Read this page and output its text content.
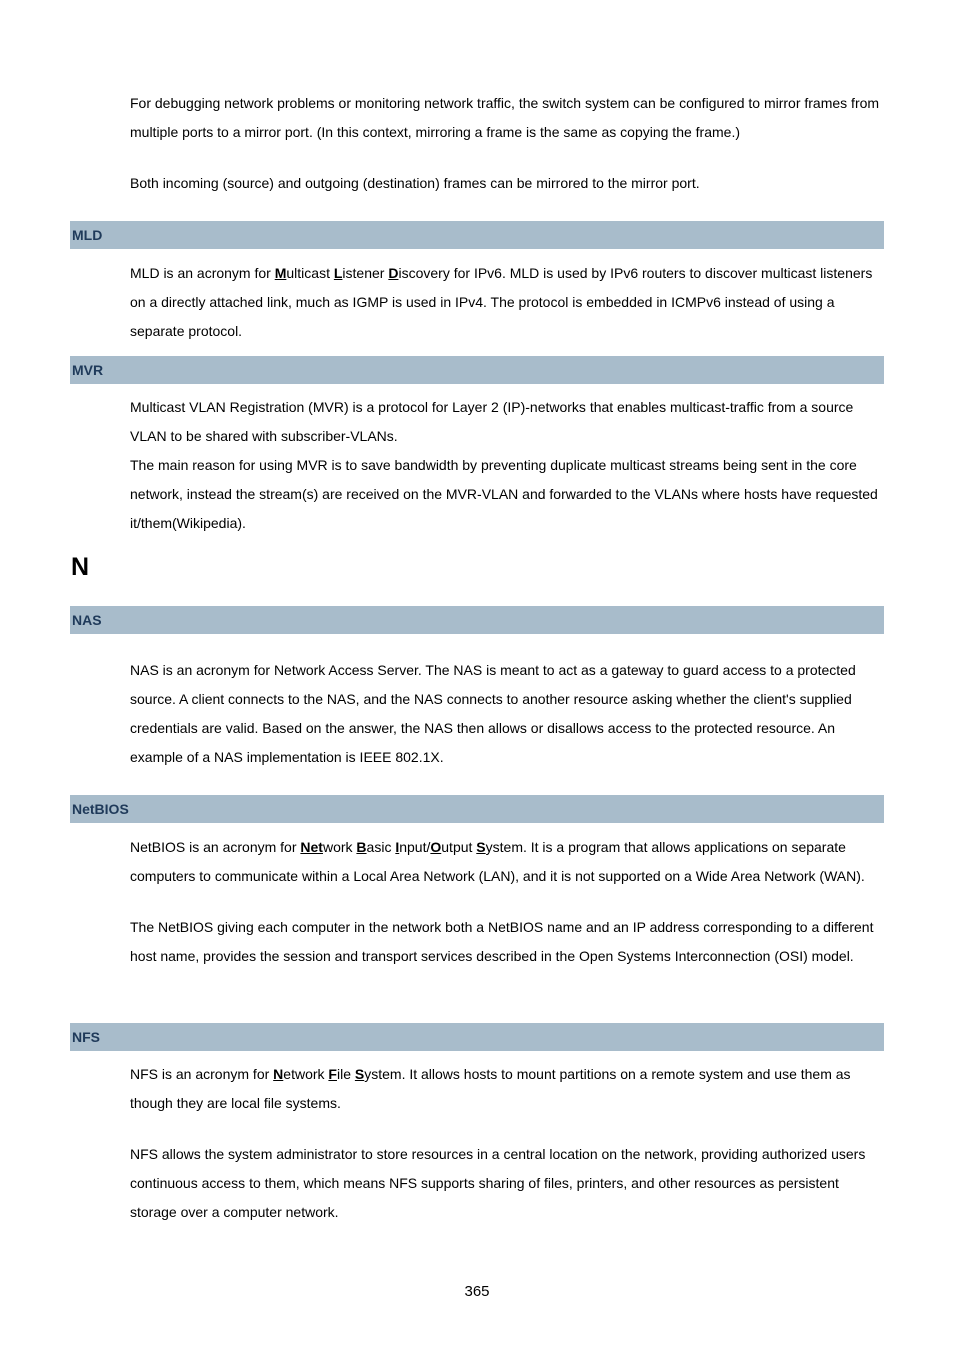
For debugging network problems or monitoring network traffic, the switch system can be configured to mirror frames from multiple ports to a mirror port. (In this context, mirroring a frame is the same as copying the frame.)

Both incoming (source) and outgoing (destination) frames can be mirrored to the mirror port.

MLD

MLD is an acronym for Multicast Listener Discovery for IPv6. MLD is used by IPv6 routers to discover multicast listeners on a directly attached link, much as IGMP is used in IPv4. The protocol is embedded in ICMPv6 instead of using a separate protocol.

MVR

Multicast VLAN Registration (MVR) is a protocol for Layer 2 (IP)-networks that enables multicast-traffic from a source VLAN to be shared with subscriber-VLANs.

The main reason for using MVR is to save bandwidth by preventing duplicate multicast streams being sent in the core network, instead the stream(s) are received on the MVR-VLAN and forwarded to the VLANs where hosts have requested it/them(Wikipedia).

N
NAS

NAS is an acronym for Network Access Server. The NAS is meant to act as a gateway to guard access to a protected source. A client connects to the NAS, and the NAS connects to another resource asking whether the client's supplied credentials are valid. Based on the answer, the NAS then allows or disallows access to the protected resource. An example of a NAS implementation is IEEE 802.1X.

NetBIOS

NetBIOS is an acronym for Network Basic Input/Output System. It is a program that allows applications on separate computers to communicate within a Local Area Network (LAN), and it is not supported on a Wide Area Network (WAN).

The NetBIOS giving each computer in the network both a NetBIOS name and an IP address corresponding to a different host name, provides the session and transport services described in the Open Systems Interconnection (OSI) model.

NFS

NFS is an acronym for Network File System. It allows hosts to mount partitions on a remote system and use them as though they are local file systems.

NFS allows the system administrator to store resources in a central location on the network, providing authorized users continuous access to them, which means NFS supports sharing of files, printers, and other resources as persistent storage over a computer network.

365
